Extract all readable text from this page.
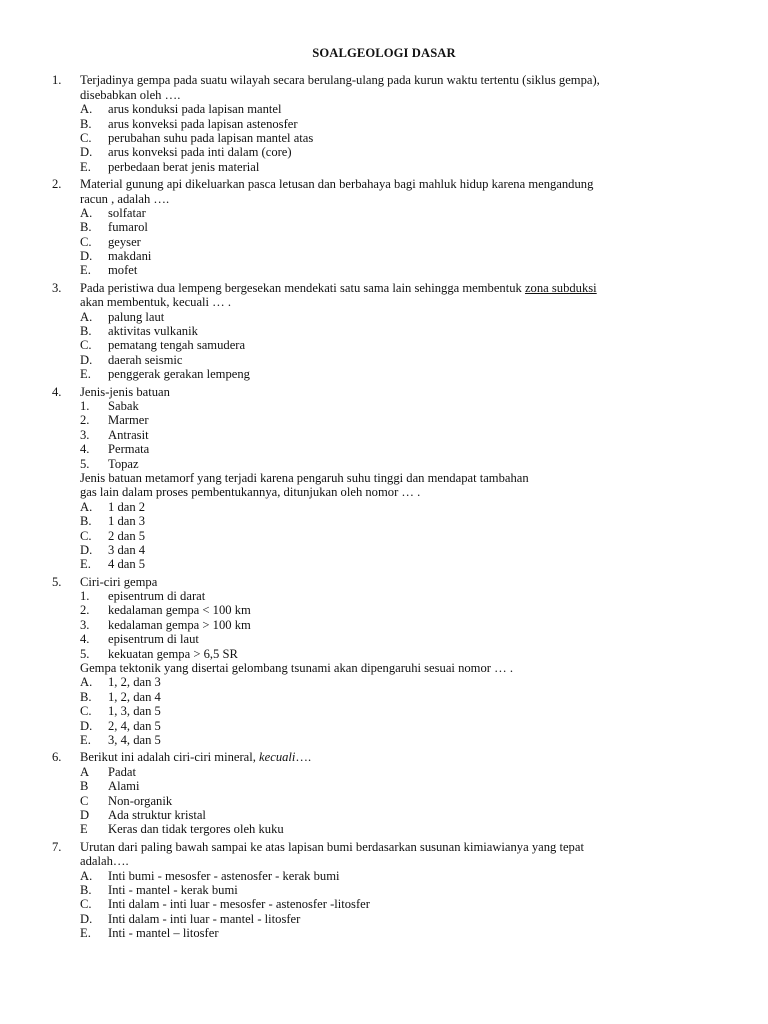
SOALGEOLOGI DASAR
1. Terjadinya gempa pada suatu wilayah secara berulang-ulang pada kurun waktu tertentu (siklus gempa),
disebabkan oleh ….
A. arus konduksi pada lapisan mantel
B. arus konveksi pada lapisan astenosfer
C. perubahan suhu pada lapisan mantel atas
D. arus konveksi pada inti dalam (core)
E. perbedaan berat jenis material
2. Material gunung api dikeluarkan pasca letusan dan berbahaya bagi mahluk hidup karena mengandung
racun , adalah ….
A. solfatar
B. fumarol
C. geyser
D. makdani
E. mofet
3. Pada peristiwa dua lempeng bergesekan mendekati satu sama lain sehingga membentuk zona subduksi
akan membentuk, kecuali … .
A. palung laut
B. aktivitas vulkanik
C. pematang tengah samudera
D. daerah seismic
E. penggerak gerakan lempeng
4. Jenis-jenis batuan
1. Sabak
2. Marmer
3. Antrasit
4. Permata
5. Topaz
Jenis batuan metamorf yang terjadi karena pengaruh suhu tinggi dan mendapat tambahan
gas lain dalam proses pembentukannya, ditunjukan oleh nomor … .
A. 1 dan 2
B. 1 dan 3
C. 2 dan 5
D. 3 dan 4
E. 4 dan 5
5. Ciri-ciri gempa
1. episentrum di darat
2. kedalaman gempa < 100 km
3. kedalaman gempa > 100 km
4. episentrum di laut
5. kekuatan gempa > 6,5 SR
Gempa tektonik yang disertai gelombang tsunami akan dipengaruhi sesuai nomor … .
A. 1, 2, dan 3
B. 1, 2, dan 4
C. 1, 3, dan 5
D. 2, 4, dan 5
E. 3, 4, dan 5
6. Berikut ini adalah ciri-ciri mineral, kecuali….
A Padat
B Alami
C Non-organik
D Ada struktur kristal
E Keras dan tidak tergores oleh kuku
7. Urutan dari paling bawah sampai ke atas lapisan bumi berdasarkan susunan kimiawianya yang tepat
adalah….
A. Inti bumi - mesosfer - astenosfer - kerak bumi
B. Inti - mantel - kerak bumi
C. Inti dalam - inti luar - mesosfer - astenosfer -litosfer
D. Inti dalam - inti luar - mantel - litosfer
E. Inti - mantel – litosfer
